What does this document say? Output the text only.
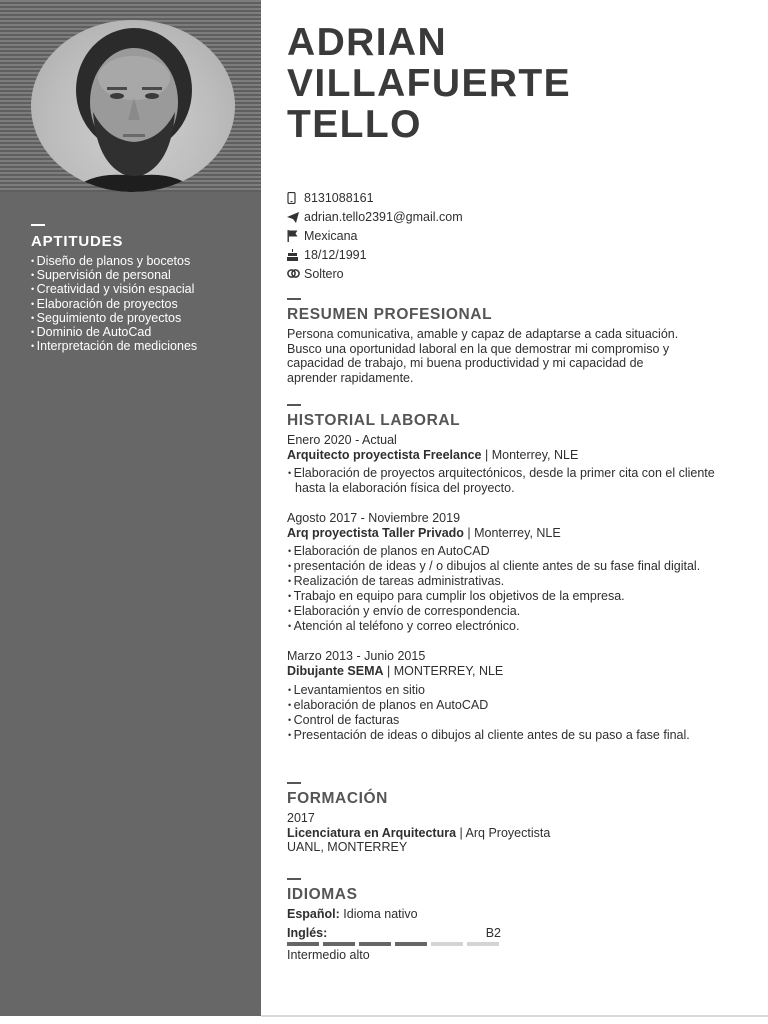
APTITUDES
• Diseño de planos y bocetos
• Supervisión de personal
• Creatividad y visión espacial
• Elaboración de proyectos
• Seguimiento de proyectos
• Dominio de AutoCad
• Interpretación de mediciones
ADRIAN
VILLAFUERTE
TELLO
8131088161
adrian.tello2391@gmail.com
Mexicana
18/12/1991
Soltero
RESUMEN PROFESIONAL
Persona comunicativa, amable y capaz de adaptarse a cada situación.
Busco una oportunidad laboral en la que demostrar mi compromiso y
capacidad de trabajo, mi buena productividad y mi capacidad de
aprender rapidamente.
HISTORIAL LABORAL
Enero 2020 - Actual
Arquitecto proyectista Freelance | Monterrey, NLE
• Elaboración de proyectos arquitectónicos, desde la primer cita con el cliente hasta la elaboración física del proyecto.
Agosto 2017 - Noviembre 2019
Arq proyectista Taller Privado | Monterrey, NLE
• Elaboración de planos en AutoCAD
• presentación de ideas y / o dibujos al cliente antes de su fase final digital.
• Realización de tareas administrativas.
• Trabajo en equipo para cumplir los objetivos de la empresa.
• Elaboración y envío de correspondencia.
• Atención al teléfono y correo electrónico.
Marzo 2013 - Junio 2015
Dibujante SEMA | MONTERREY, NLE
• Levantamientos en sitio
• elaboración de planos en AutoCAD
• Control de facturas
• Presentación de ideas o dibujos al cliente antes de su paso a fase final.
FORMACIÓN
2017
Licenciatura en Arquitectura | Arq Proyectista
UANL, MONTERREY
IDIOMAS
Español: Idioma nativo
Inglés:	B2
Intermedio alto
